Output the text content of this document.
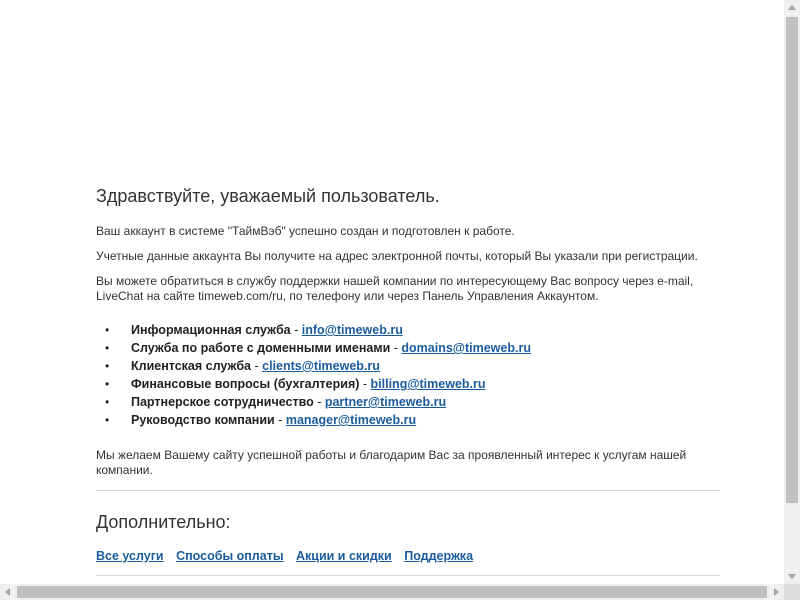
Здравствуйте, уважаемый пользователь.

Ваш аккаунт в системе "ТаймВэб" успешно создан и подготовлен к работе.

Учетные данные аккаунта Вы получите на адрес электронной почты, который Вы указали при регистрации.

Вы можете обратиться в службу поддержки нашей компании по интересующему Вас вопросу через e-mail, LiveChat на сайте timeweb.com/ru, по телефону или через Панель Управления Аккаунтом.

• Информационная служба - info@timeweb.ru
• Служба по работе с доменными именами - domains@timeweb.ru
• Клиентская служба - clients@timeweb.ru
• Финансовые вопросы (бухгалтерия) - billing@timeweb.ru
• Партнерское сотрудничество - partner@timeweb.ru
• Руководство компании - manager@timeweb.ru

Мы желаем Вашему сайту успешной работы и благодарим Вас за проявленный интерес к услугам нашей компании.

Дополнительно:
Все услуги Способы оплаты Акции и скидки Поддержка
